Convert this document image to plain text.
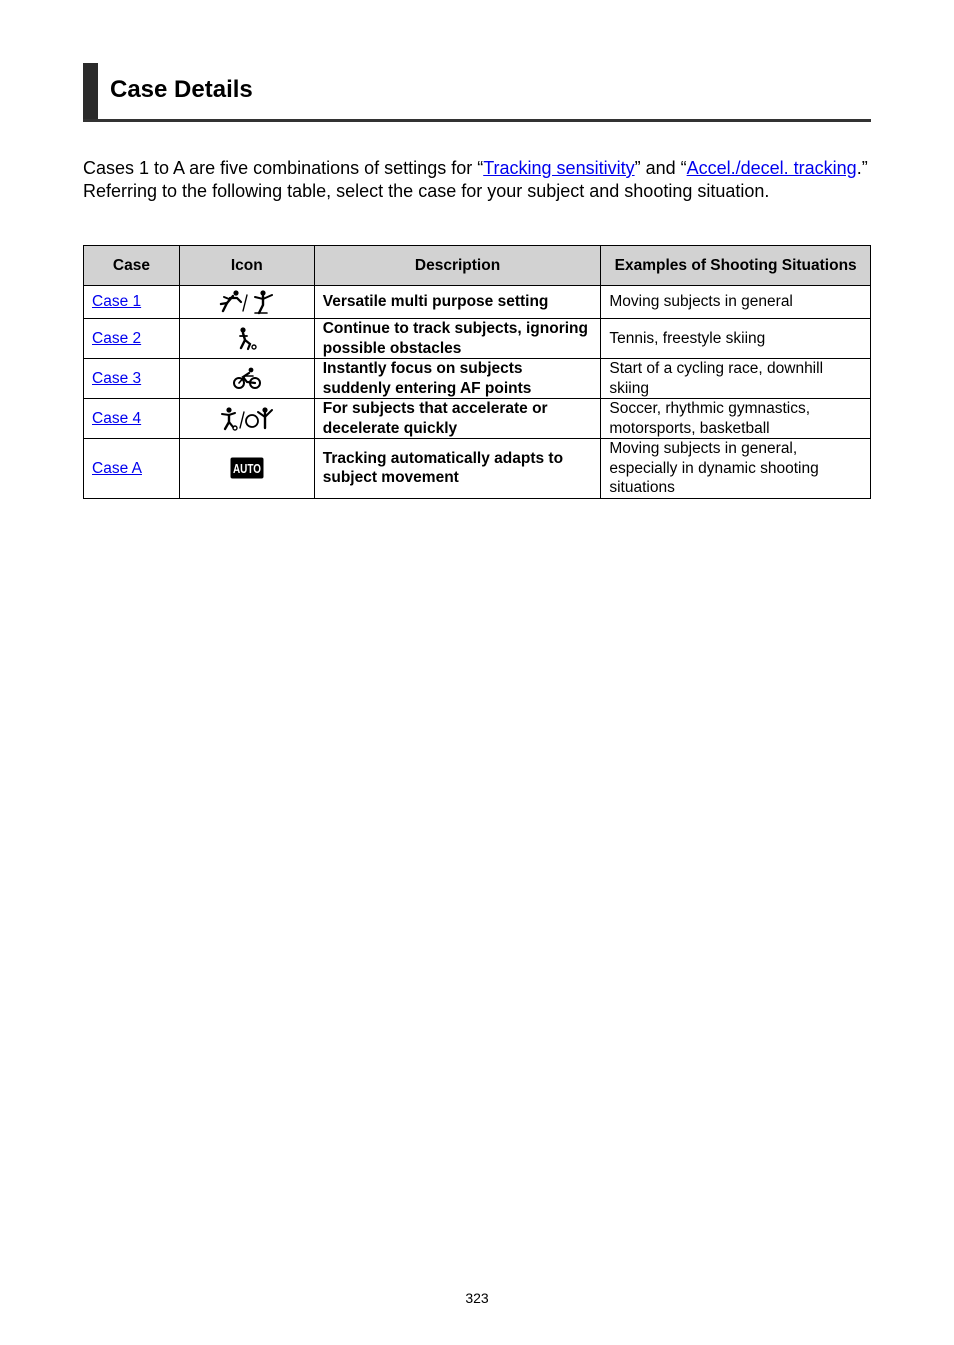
Case Details
Cases 1 to A are five combinations of settings for “Tracking sensitivity” and “Accel./decel. tracking.” Referring to the following table, select the case for your subject and shooting situation.
Case	Icon	Description	Examples of Shooting Situations
Case 1		Versatile multi purpose setting	Moving subjects in general
Case 2		Continue to track subjects, ignoring possible obstacles	Tennis, freestyle skiing
Case 3		Instantly focus on subjects suddenly entering AF points	Start of a cycling race, downhill skiing
Case 4		For subjects that accelerate or decelerate quickly	Soccer, rhythmic gymnastics, motorsports, basketball
Case A	AUTO	Tracking automatically adapts to subject movement	Moving subjects in general, especially in dynamic shooting situations
323
